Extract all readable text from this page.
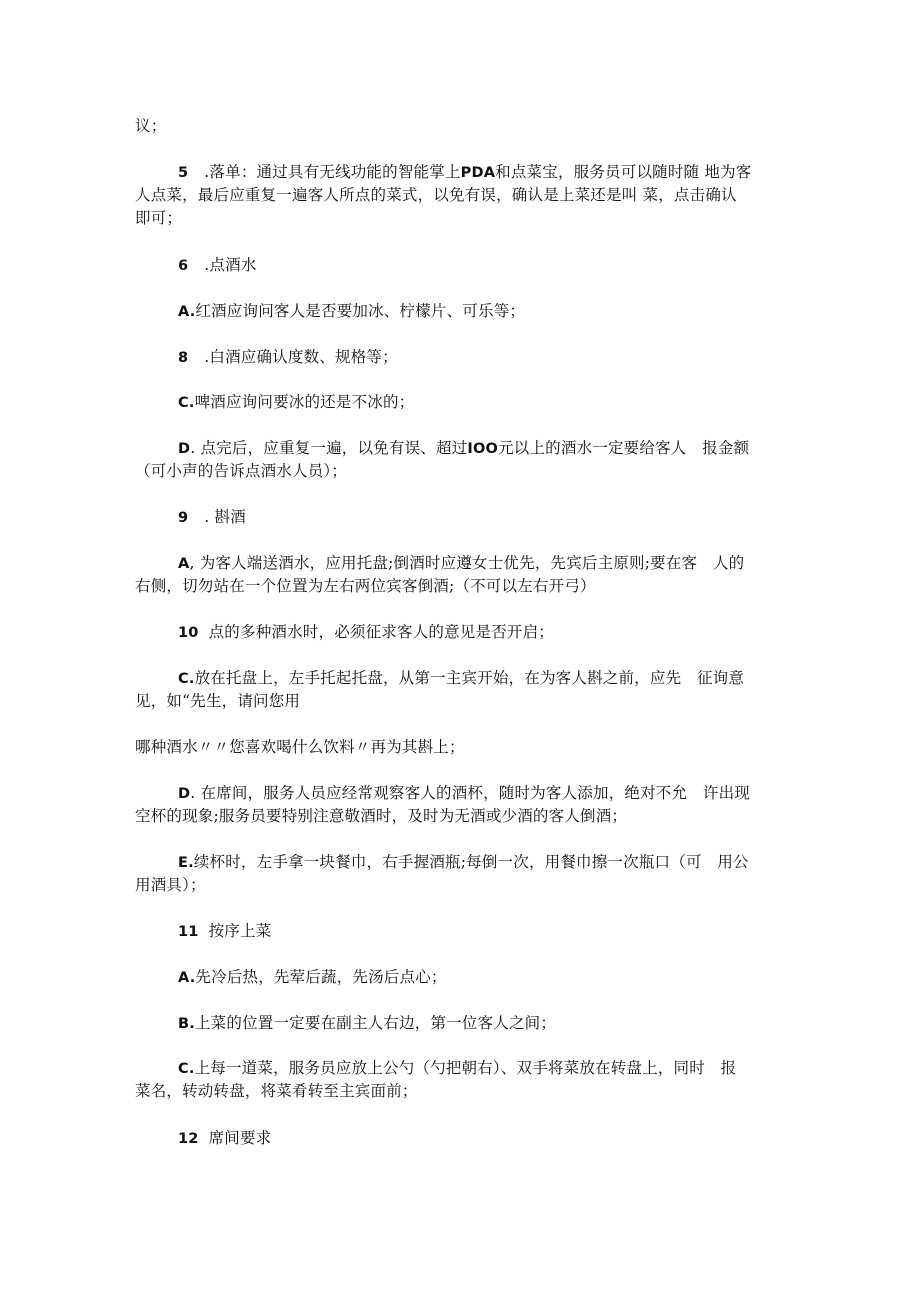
议；
5 .落单：通过具有无线功能的智能掌上PDA和点菜宝，服务员可以随时随 地为客
人点菜，最后应重复一遍客人所点的菜式，以免有误，确认是上菜还是叫 菜，点击确认
即可；
6 .点酒水
A.红酒应询问客人是否要加冰、柠檬片、可乐等；
8 .白酒应确认度数、规格等；
C.啤酒应询问要冰的还是不冰的；
D. 点完后，应重复一遍，以免有误、超过IOO元以上的酒水一定要给客人　报金额
（可小声的告诉点酒水人员）；
9 . 斟酒
A, 为客人端送酒水，应用托盘;倒酒时应遵女士优先，先宾后主原则;要在客　人的
右侧，切勿站在一个位置为左右两位宾客倒酒;（不可以左右开弓）
10 点的多种酒水时，必须征求客人的意见是否开启；
C.放在托盘上，左手托起托盘，从第一主宾开始，在为客人斟之前，应先　征询意
见，如“先生，请问您用
哪种酒水〃〃您喜欢喝什么饮料〃再为其斟上；
D. 在席间，服务人员应经常观察客人的酒杯，随时为客人添加，绝对不允　许出现
空杯的现象;服务员要特别注意敬酒时，及时为无酒或少酒的客人倒酒；
E.续杯时，左手拿一块餐巾，右手握酒瓶;每倒一次，用餐巾擦一次瓶口（可　用公
用酒具）；
11 按序上菜
A.先冷后热，先荤后蔬，先汤后点心；
B.上菜的位置一定要在副主人右边，第一位客人之间；
C.上每一道菜，服务员应放上公勺（勺把朝右）、双手将菜放在转盘上，同时　报
菜名，转动转盘，将菜肴转至主宾面前；
12 席间要求
